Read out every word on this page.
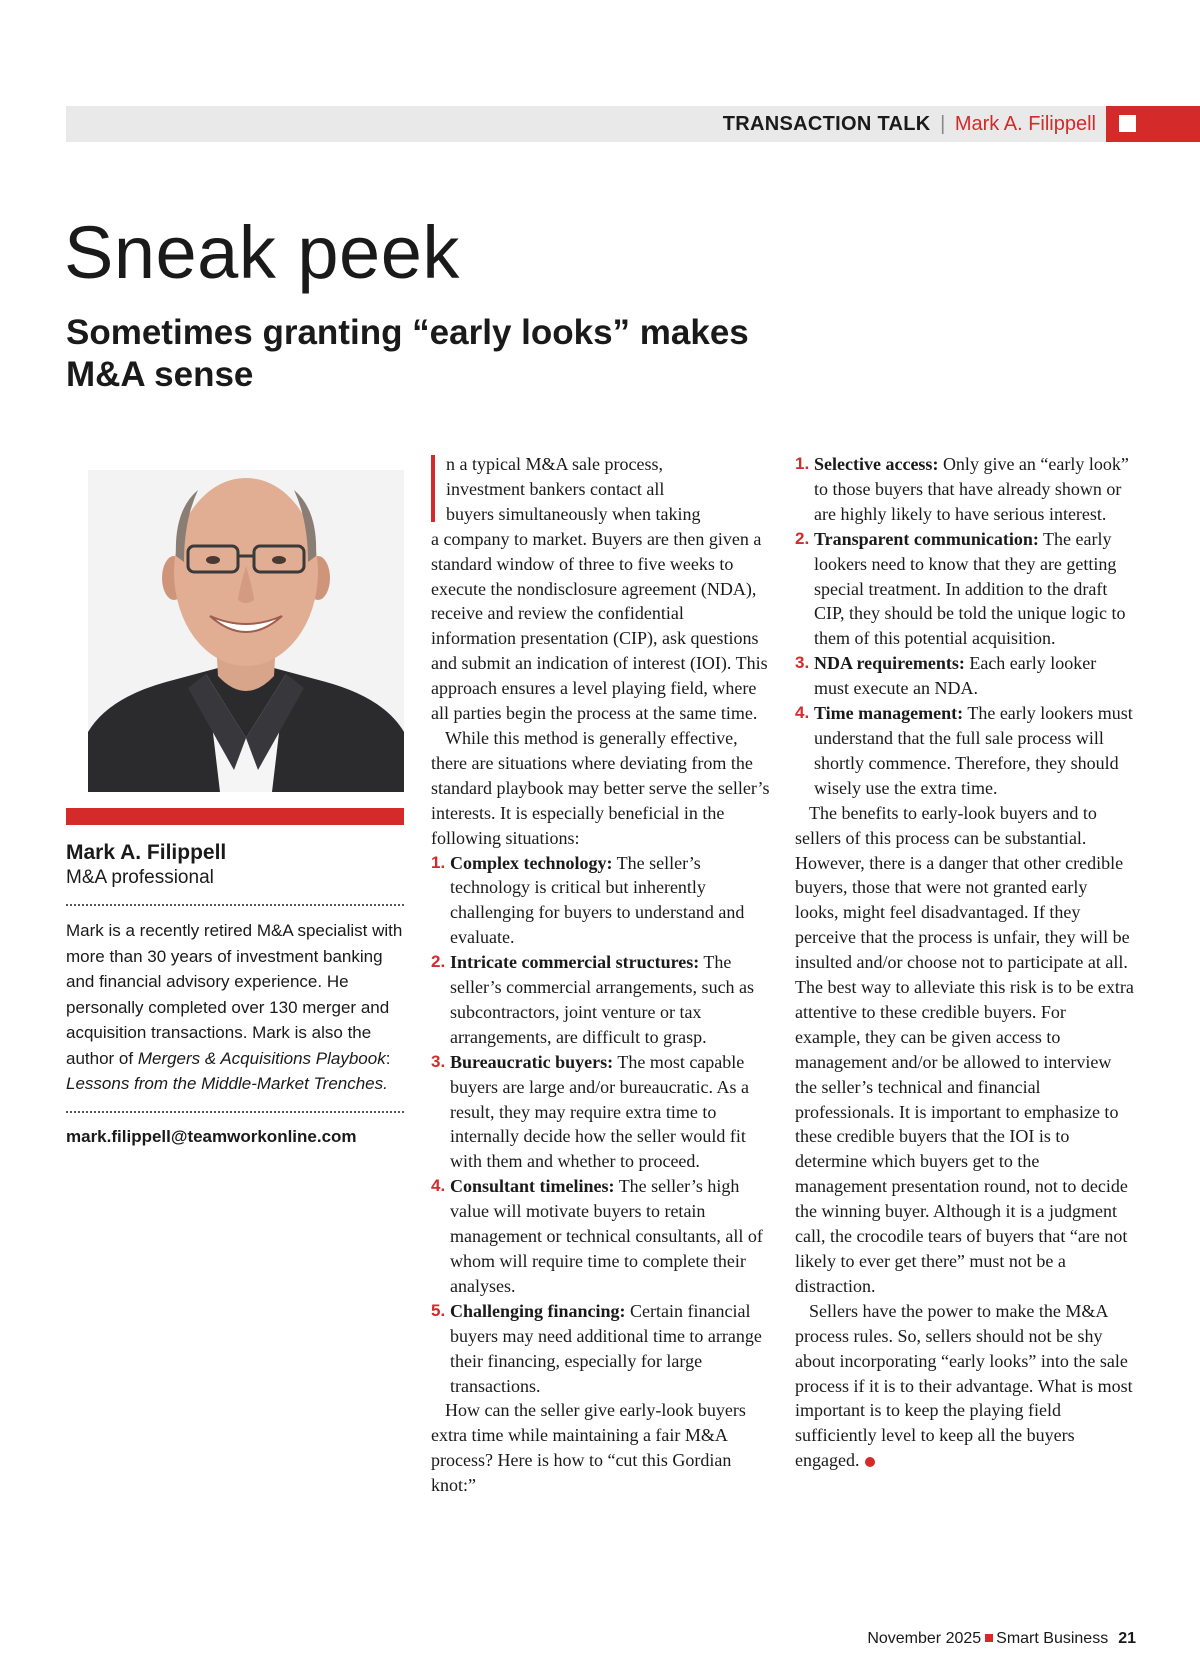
TRANSACTION TALK | Mark A. Filippell
Sneak peek
Sometimes granting “early looks” makes M&A sense

Mark A. Filippell

M&A professional

Mark is a recently retired M&A specialist with more than 30 years of investment banking and financial advisory experience. He personally completed over 130 merger and acquisition transactions. Mark is also the author of Mergers & Acquisitions Playbook: Lessons from the Middle-Market Trenches.

mark.filippell@teamworkonline.com

n a typical M&A sale process,
investment bankers contact all
buyers simultaneously when taking

a company to market. Buyers are then given a standard window of three to five weeks to execute the nondisclosure agreement (NDA), receive and review the confidential information presentation (CIP), ask questions and submit an indication of interest (IOI). This approach ensures a level playing field, where all parties begin the process at the same time.

While this method is generally effective, there are situations where deviating from the standard playbook may better serve the seller’s interests. It is especially beneficial in the following situations:

1. Complex technology: The seller’s technology is critical but inherently challenging for buyers to understand and evaluate.
2. Intricate commercial structures: The seller’s commercial arrangements, such as subcontractors, joint venture or tax arrangements, are difficult to grasp.
3. Bureaucratic buyers: The most capable buyers are large and/or bureaucratic. As a result, they may require extra time to internally decide how the seller would fit with them and whether to proceed.
4. Consultant timelines: The seller’s high value will motivate buyers to retain management or technical consultants, all of whom will require time to complete their analyses.
5. Challenging financing: Certain financial buyers may need additional time to arrange their financing, especially for large transactions.

How can the seller give early-look buyers extra time while maintaining a fair M&A process? Here is how to “cut this Gordian knot:”

1. Selective access: Only give an “early look” to those buyers that have already shown or are highly likely to have serious interest.
2. Transparent communication: The early lookers need to know that they are getting special treatment. In addition to the draft CIP, they should be told the unique logic to them of this potential acquisition.
3. NDA requirements: Each early looker must execute an NDA.
4. Time management: The early lookers must understand that the full sale process will shortly commence. Therefore, they should wisely use the extra time.

The benefits to early-look buyers and to sellers of this process can be substantial. However, there is a danger that other credible buyers, those that were not granted early looks, might feel disadvantaged. If they perceive that the process is unfair, they will be insulted and/or choose not to participate at all. The best way to alleviate this risk is to be extra attentive to these credible buyers. For example, they can be given access to management and/or be allowed to interview the seller’s technical and financial professionals. It is important to emphasize to these credible buyers that the IOI is to determine which buyers get to the management presentation round, not to decide the winning buyer. Although it is a judgment call, the crocodile tears of buyers that “are not likely to ever get there” must not be a distraction.

Sellers have the power to make the M&A process rules. So, sellers should not be shy about incorporating “early looks” into the sale process if it is to their advantage. What is most important is to keep the playing field sufficiently level to keep all the buyers engaged.

November 2025 Smart Business 21
